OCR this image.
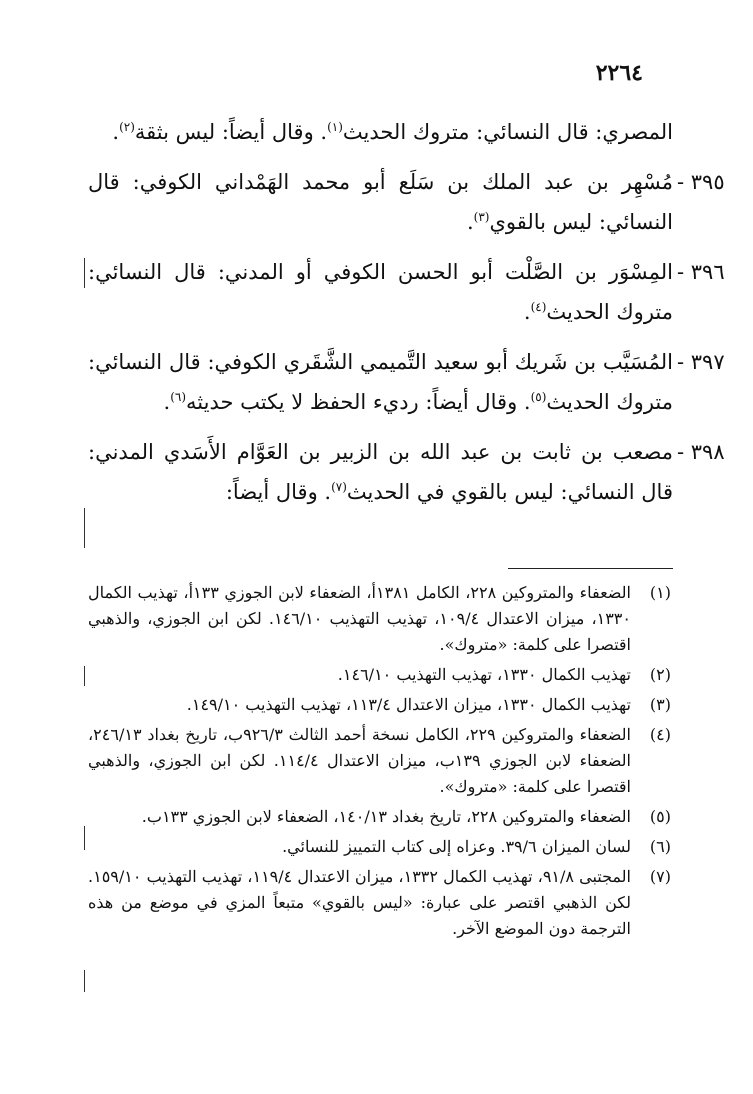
٢٢٦٤
المصري: قال النسائي: متروك الحديث$^{(١)}$. وقال أيضاً: ليس بثقة$^{(٢)}$.
٣٩٥ -
مُسْهِر بن عبد الملك بن سَلَع أبو محمد الهَمْداني الكوفي: قال النسائي: ليس بالقوي$^{(٣)}$.
٣٩٦ -
المِسْوَر بن الصَّلْت أبو الحسن الكوفي أو المدني: قال النسائي: متروك الحديث$^{(٤)}$.
٣٩٧ -
المُسَيَّب بن شَريك أبو سعيد التَّميمي الشَّقَري الكوفي: قال النسائي: متروك الحديث$^{(٥)}$. وقال أيضاً: رديء الحفظ لا يكتب حديثه$^{(٦)}$.
٣٩٨ -
مصعب بن ثابت بن عبد الله بن الزبير بن العَوَّام الأَسَدي المدني: قال النسائي: ليس بالقوي في الحديث$^{(٧)}$. وقال أيضاً:
(١)
الضعفاء والمتروكين ٢٢٨، الكامل ١٣٨١أ، الضعفاء لابن الجوزي ١٣٣أ، تهذيب الكمال ١٣٣٠، ميزان الاعتدال ١٠٩/٤، تهذيب التهذيب ١٤٦/١٠. لكن ابن الجوزي، والذهبي اقتصرا على كلمة: «متروك».
(٢)
تهذيب الكمال ١٣٣٠، تهذيب التهذيب ١٤٦/١٠.
(٣)
تهذيب الكمال ١٣٣٠، ميزان الاعتدال ١١٣/٤، تهذيب التهذيب ١٤٩/١٠.
(٤)
الضعفاء والمتروكين ٢٢٩، الكامل نسخة أحمد الثالث ٩٢٦/٣ب، تاريخ بغداد ٢٤٦/١٣، الضعفاء لابن الجوزي ١٣٩ب، ميزان الاعتدال ١١٤/٤. لكن ابن الجوزي، والذهبي اقتصرا على كلمة: «متروك».
(٥)
الضعفاء والمتروكين ٢٢٨، تاريخ بغداد ١٤٠/١٣، الضعفاء لابن الجوزي ١٣٣ب.
(٦)
لسان الميزان ٣٩/٦. وعزاه إلى كتاب التمييز للنسائي.
(٧)
المجتبى ٩١/٨، تهذيب الكمال ١٣٣٢، ميزان الاعتدال ١١٩/٤، تهذيب التهذيب ١٥٩/١٠. لكن الذهبي اقتصر على عبارة: «ليس بالقوي» متبعاً المزي في موضع من هذه الترجمة دون الموضع الآخر.
